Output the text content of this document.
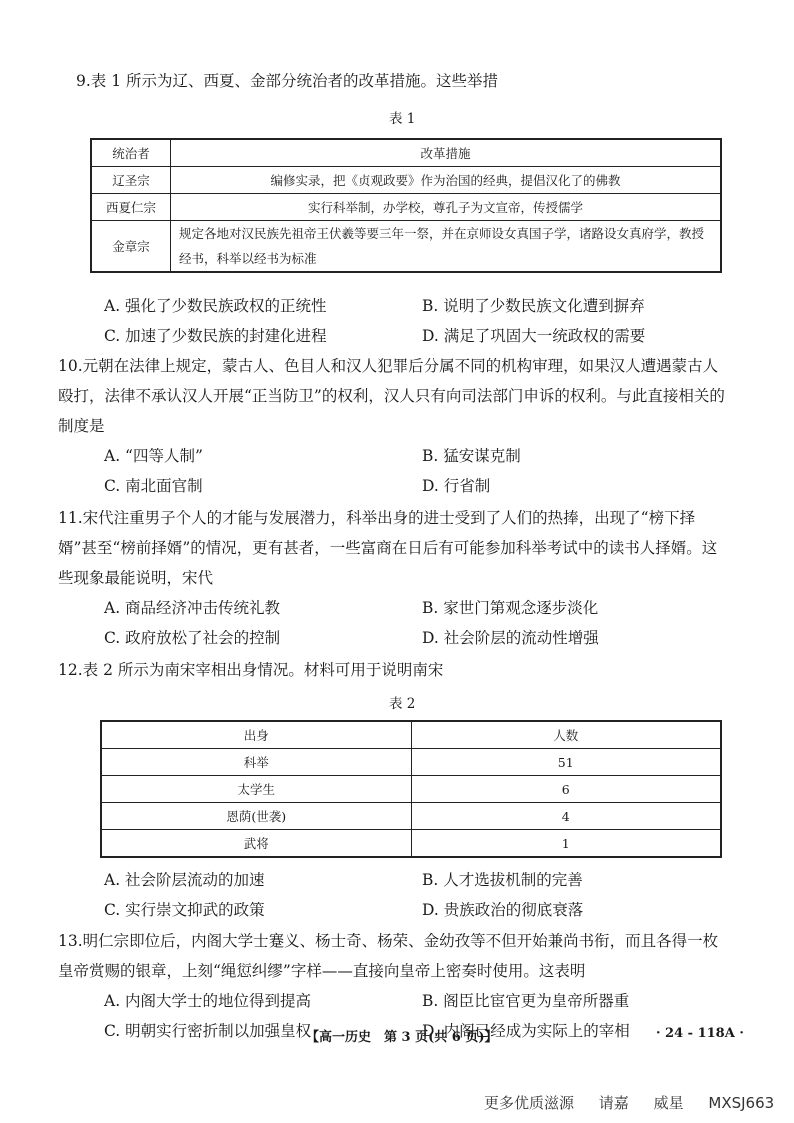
9.表 1 所示为辽、西夏、金部分统治者的改革措施。这些举措
表 1
统治者	改革措施
辽圣宗	编修实录，把《贞观政要》作为治国的经典，提倡汉化了的佛教
西夏仁宗	实行科举制，办学校，尊孔子为文宣帝，传授儒学
金章宗	规定各地对汉民族先祖帝王伏羲等要三年一祭，并在京师设女真国子学，诸路设女真府学，教授经书，科举以经书为标准
A. 强化了少数民族政权的正统性	B. 说明了少数民族文化遭到摒弃
C. 加速了少数民族的封建化进程	D. 满足了巩固大一统政权的需要
10.元朝在法律上规定，蒙古人、色目人和汉人犯罪后分属不同的机构审理，如果汉人遭遇蒙古人殴打，法律不承认汉人开展“正当防卫”的权利，汉人只有向司法部门申诉的权利。与此直接相关的制度是
A. “四等人制”	B. 猛安谋克制
C. 南北面官制	D. 行省制
11.宋代注重男子个人的才能与发展潜力，科举出身的进士受到了人们的热捧，出现了“榜下择婿”甚至“榜前择婿”的情况，更有甚者，一些富商在日后有可能参加科举考试中的读书人择婿。这些现象最能说明，宋代
A. 商品经济冲击传统礼教	B. 家世门第观念逐步淡化
C. 政府放松了社会的控制	D. 社会阶层的流动性增强
12.表 2 所示为南宋宰相出身情况。材料可用于说明南宋
表 2
出身	人数
科举	51
太学生	6
恩荫(世袭)	4
武将	1
A. 社会阶层流动的加速	B. 人才选拔机制的完善
C. 实行崇文抑武的政策	D. 贵族政治的彻底衰落
13.明仁宗即位后，内阁大学士蹇义、杨士奇、杨荣、金幼孜等不但开始兼尚书衔，而且各得一枚皇帝赏赐的银章，上刻“绳愆纠缪”字样——直接向皇帝上密奏时使用。这表明
A. 内阁大学士的地位得到提高	B. 阁臣比宦官更为皇帝所器重
C. 明朝实行密折制以加强皇权	D. 内阁已经成为实际上的宰相
【高一历史　第 3 页(共 6 页)】	· 24 - 118A ·
更多优质滋源 请嘉 威星 MXSJ663
